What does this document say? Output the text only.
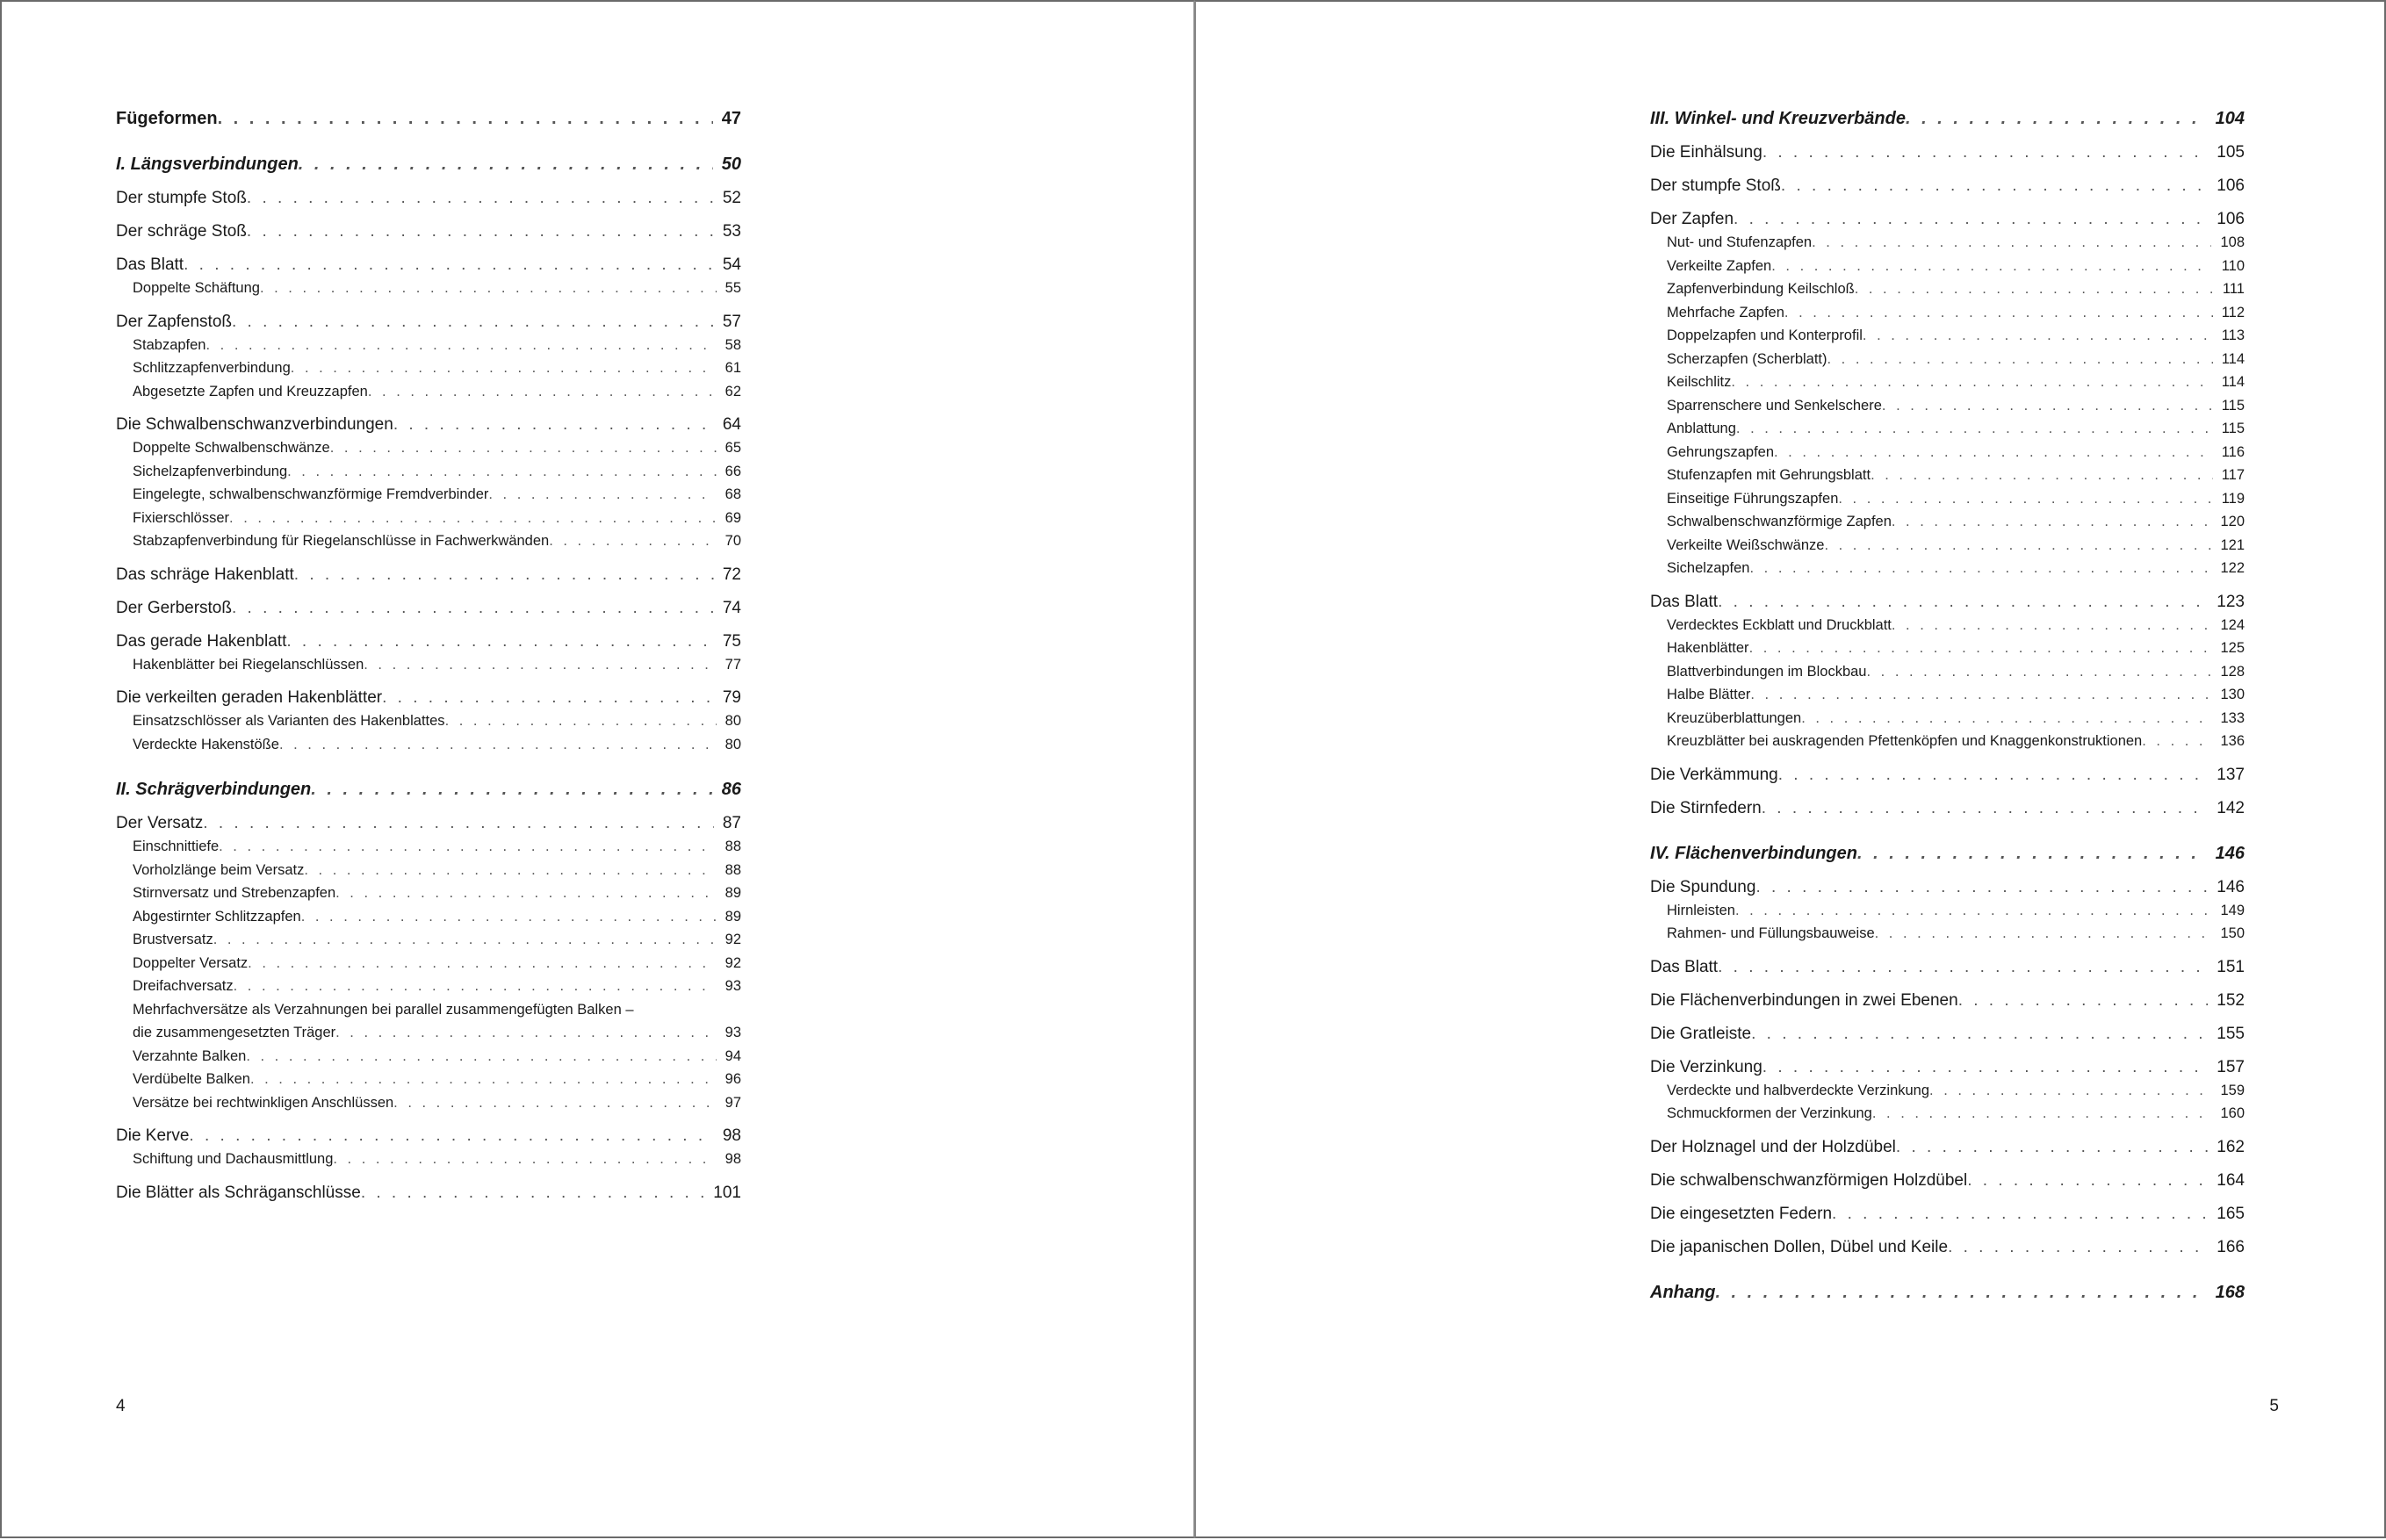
Fügeformen . . .	47
I. Längsverbindungen . . .	50
Der stumpfe Stoß . . .	52
Der schräge Stoß . . .	53
Das Blatt . . .	54
Doppelte Schäftung . . .	55
Der Zapfenstoß . . .	57
Stabzapfen . . .	58
Schlitzzapfenverbindung . . .	61
Abgesetzte Zapfen und Kreuzzapfen . . .	62
Die Schwalbenschwanzverbindungen . . .	64
Doppelte Schwalbenschwänze . . .	65
Sichelzapfenverbindung . . .	66
Eingelegte, schwalbenschwanzförmige Fremdverbinder . . .	68
Fixierschlösser . . .	69
Stabzapfenverbindung für Riegelanschlüsse in Fachwerkwänden . . .	70
Das schräge Hakenblatt . . .	72
Der Gerberstoß . . .	74
Das gerade Hakenblatt . . .	75
Hakenblätter bei Riegelanschlüssen . . .	77
Die verkeilten geraden Hakenblätter . . .	79
Einsatzschlösser als Varianten des Hakenblattes . . .	80
Verdeckte Hakenstöße . . .	80
II. Schrägverbindungen . . .	86
Der Versatz . . .	87
Einschnittiefe . . .	88
Vorholzlänge beim Versatz . . .	88
Stirnversatz und Strebenzapfen . . .	89
Abgestirnter Schlitzzapfen . . .	89
Brustversatz . . .	92
Doppelter Versatz . . .	92
Dreifachversatz . . .	93
Mehrfachversätze als Verzahnungen bei parallel zusammengefügten Balken –
die zusammengesetzten Träger . . .	93
Verzahnte Balken . . .	94
Verdübelte Balken . . .	96
Versätze bei rechtwinkligen Anschlüssen . . .	97
Die Kerve . . .	98
Schiftung und Dachausmittlung . . .	98
Die Blätter als Schräganschlüsse . . .	101
4
III. Winkel- und Kreuzverbände . . .	104
Die Einhälsung . . .	105
Der stumpfe Stoß . . .	106
Der Zapfen . . .	106
Nut- und Stufenzapfen . . .	108
Verkeilte Zapfen . . .	110
Zapfenverbindung Keilschloß . . .	111
Mehrfache Zapfen . . .	112
Doppelzapfen und Konterprofil . . .	113
Scherzapfen (Scherblatt) . . .	114
Keilschlitz . . .	114
Sparrenschere und Senkelschere . . .	115
Anblattung . . .	115
Gehrungszapfen . . .	116
Stufenzapfen mit Gehrungsblatt . . .	117
Einseitige Führungszapfen . . .	119
Schwalbenschwanzförmige Zapfen . . .	120
Verkeilte Weißschwänze . . .	121
Sichelzapfen . . .	122
Das Blatt . . .	123
Verdecktes Eckblatt und Druckblatt . . .	124
Hakenblätter . . .	125
Blattverbindungen im Blockbau . . .	128
Halbe Blätter . . .	130
Kreuzüberblattungen . . .	133
Kreuzblätter bei auskragenden Pfettenköpfen und Knaggenkonstruktionen . . .	136
Die Verkämmung . . .	137
Die Stirnfedern . . .	142
IV. Flächenverbindungen . . .	146
Die Spundung . . .	146
Hirnleisten . . .	149
Rahmen- und Füllungsbauweise . . .	150
Das Blatt . . .	151
Die Flächenverbindungen in zwei Ebenen . . .	152
Die Gratleiste . . .	155
Die Verzinkung . . .	157
Verdeckte und halbverdeckte Verzinkung . . .	159
Schmuckformen der Verzinkung . . .	160
Der Holznagel und der Holzdübel . . .	162
Die schwalbenschwanzförmigen Holzdübel . . .	164
Die eingesetzten Federn . . .	165
Die japanischen Dollen, Dübel und Keile . . .	166
Anhang . . .	168
5
